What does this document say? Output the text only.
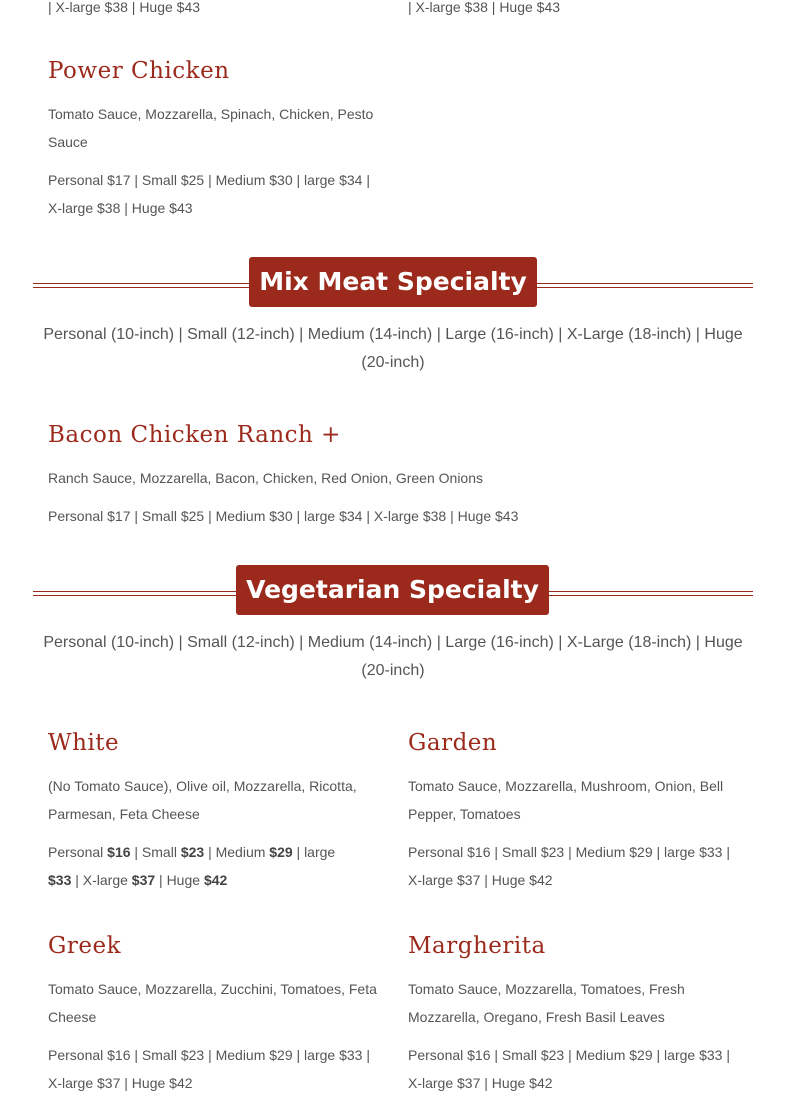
| X-large $38 | Huge $43	| X-large $38 | Huge $43
Power Chicken
Tomato Sauce, Mozzarella, Spinach, Chicken, Pesto Sauce
Personal $17 | Small $25 | Medium $30 | large $34 | X-large $38 | Huge $43
Mix Meat Specialty
Personal (10-inch) | Small (12-inch) | Medium (14-inch) | Large (16-inch) | X-Large (18-inch) | Huge (20-inch)
Bacon Chicken Ranch +
Ranch Sauce, Mozzarella, Bacon, Chicken, Red Onion, Green Onions
Personal $17 | Small $25 | Medium $30 | large $34 | X-large $38 | Huge $43
Vegetarian Specialty
Personal (10-inch) | Small (12-inch) | Medium (14-inch) | Large (16-inch) | X-Large (18-inch) | Huge (20-inch)
White
(No Tomato Sauce), Olive oil, Mozzarella, Ricotta, Parmesan, Feta Cheese
Personal $16 | Small $23 | Medium $29 | large $33 | X-large $37 | Huge $42
Garden
Tomato Sauce, Mozzarella, Mushroom, Onion, Bell Pepper, Tomatoes
Personal $16 | Small $23 | Medium $29 | large $33 | X-large $37 | Huge $42
Greek
Tomato Sauce, Mozzarella, Zucchini, Tomatoes, Feta Cheese
Personal $16 | Small $23 | Medium $29 | large $33 | X-large $37 | Huge $42
Margherita
Tomato Sauce, Mozzarella, Tomatoes, Fresh Mozzarella, Oregano, Fresh Basil Leaves
Personal $16 | Small $23 | Medium $29 | large $33 | X-large $37 | Huge $42
